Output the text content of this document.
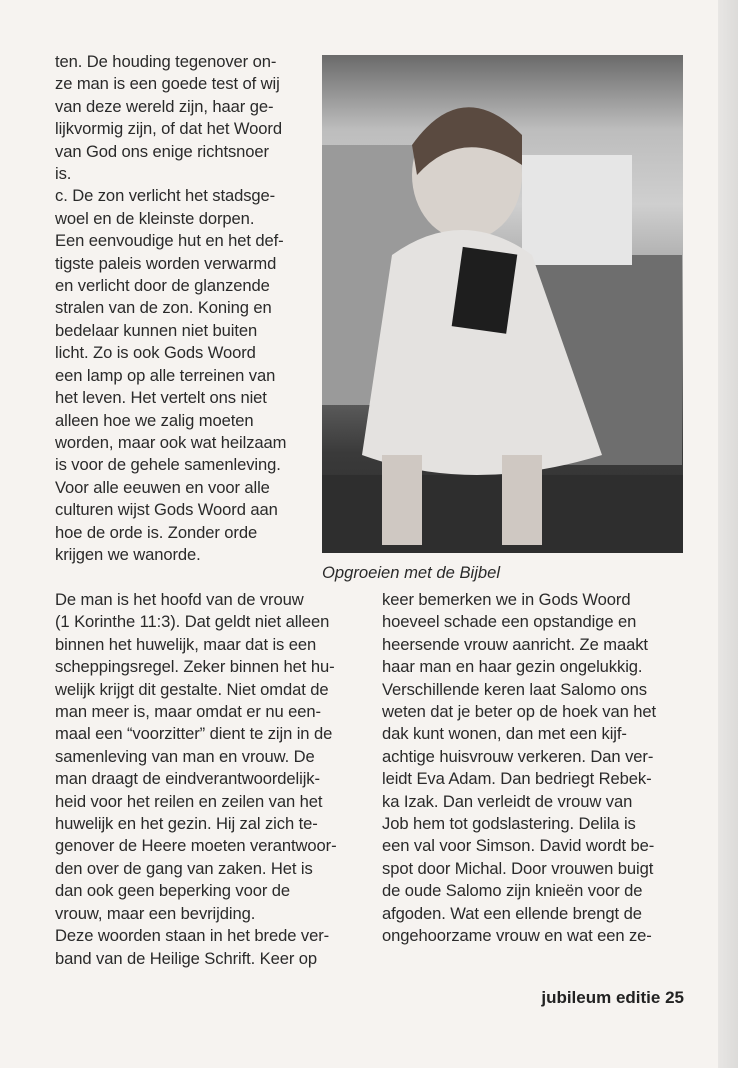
ten. De houding tegenover on-
ze man is een goede test of wij
van deze wereld zijn, haar ge-
lijkvormig zijn, of dat het Woord
van God ons enige richtsnoer
is.
c. De zon verlicht het stadsge-
woel en de kleinste dorpen.
Een eenvoudige hut en het def-
tigste paleis worden verwarmd
en verlicht door de glanzende
stralen van de zon. Koning en
bedelaar kunnen niet buiten
licht. Zo is ook Gods Woord
een lamp op alle terreinen van
het leven. Het vertelt ons niet
alleen hoe we zalig moeten
worden, maar ook wat heilzaam
is voor de gehele samenleving.
Voor alle eeuwen en voor alle
culturen wijst Gods Woord aan
hoe de orde is. Zonder orde
krijgen we wanorde.
Opgroeien met de Bijbel
De man is het hoofd van de vrouw
(1 Korinthe 11:3). Dat geldt niet alleen
binnen het huwelijk, maar dat is een
scheppingsregel. Zeker binnen het hu-
welijk krijgt dit gestalte. Niet omdat de
man meer is, maar omdat er nu een-
maal een “voorzitter” dient te zijn in de
samenleving van man en vrouw. De
man draagt de eindverantwoordelijk-
heid voor het reilen en zeilen van het
huwelijk en het gezin. Hij zal zich te-
genover de Heere moeten verantwoor-
den over de gang van zaken. Het is
dan ook geen beperking voor de
vrouw, maar een bevrijding.
Deze woorden staan in het brede ver-
band van de Heilige Schrift. Keer op
keer bemerken we in Gods Woord
hoeveel schade een opstandige en
heersende vrouw aanricht. Ze maakt
haar man en haar gezin ongelukkig.
Verschillende keren laat Salomo ons
weten dat je beter op de hoek van het
dak kunt wonen, dan met een kijf-
achtige huisvrouw verkeren. Dan ver-
leidt Eva Adam. Dan bedriegt Rebek-
ka Izak. Dan verleidt de vrouw van
Job hem tot godslastering. Delila is
een val voor Simson. David wordt be-
spot door Michal. Door vrouwen buigt
de oude Salomo zijn knieën voor de
afgoden. Wat een ellende brengt de
ongehoorzame vrouw en wat een ze-
jubileum editie 25
